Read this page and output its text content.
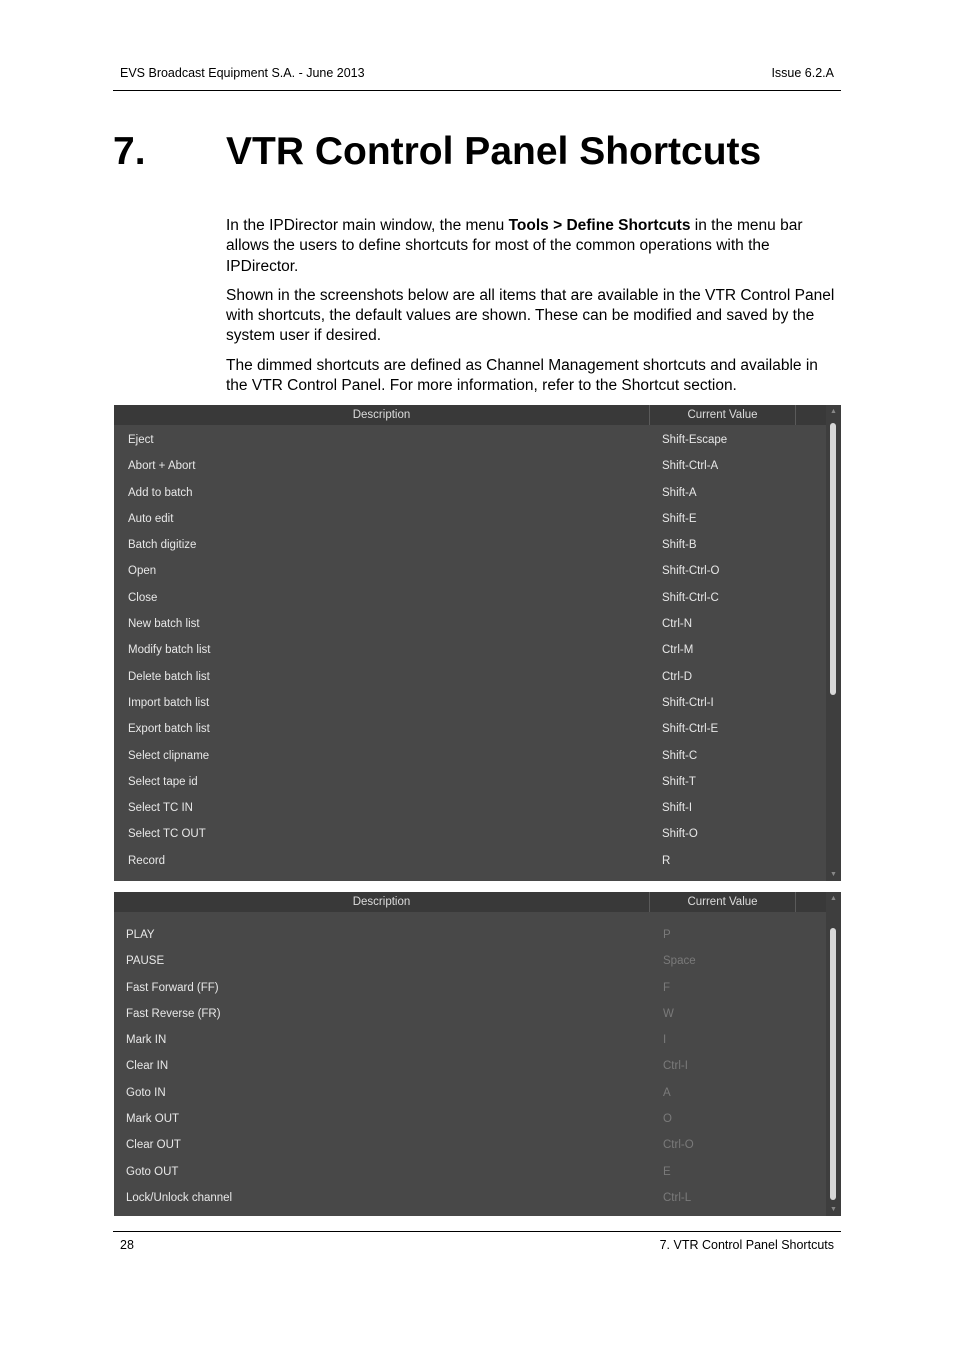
EVS Broadcast Equipment S.A. - June 2013	Issue 6.2.A
7. VTR Control Panel Shortcuts

In the IPDirector main window, the menu Tools > Define Shortcuts in the menu bar allows the users to define shortcuts for most of the common operations with the IPDirector.

Shown in the screenshots below are all items that are available in the VTR Control Panel with shortcuts, the default values are shown. These can be modified and saved by the system user if desired.

The dimmed shortcuts are defined as Channel Management shortcuts and available in the VTR Control Panel. For more information, refer to the Shortcut section.

Description	Current Value
Eject	Shift-Escape
Abort + Abort	Shift-Ctrl-A
Add to batch	Shift-A
Auto edit	Shift-E
Batch digitize	Shift-B
Open	Shift-Ctrl-O
Close	Shift-Ctrl-C
New batch list	Ctrl-N
Modify batch list	Ctrl-M
Delete batch list	Ctrl-D
Import batch list	Shift-Ctrl-I
Export batch list	Shift-Ctrl-E
Select clipname	Shift-C
Select tape id	Shift-T
Select TC IN	Shift-I
Select TC OUT	Shift-O
Record	R
▲
▼
Description	Current Value
PLAY	P
PAUSE	Space
Fast Forward (FF)	F
Fast Reverse (FR)	W
Mark IN	I
Clear IN	Ctrl-I
Goto IN	A
Mark OUT	O
Clear OUT	Ctrl-O
Goto OUT	E
Lock/Unlock channel	Ctrl-L
▲
▼
28	7. VTR Control Panel Shortcuts
